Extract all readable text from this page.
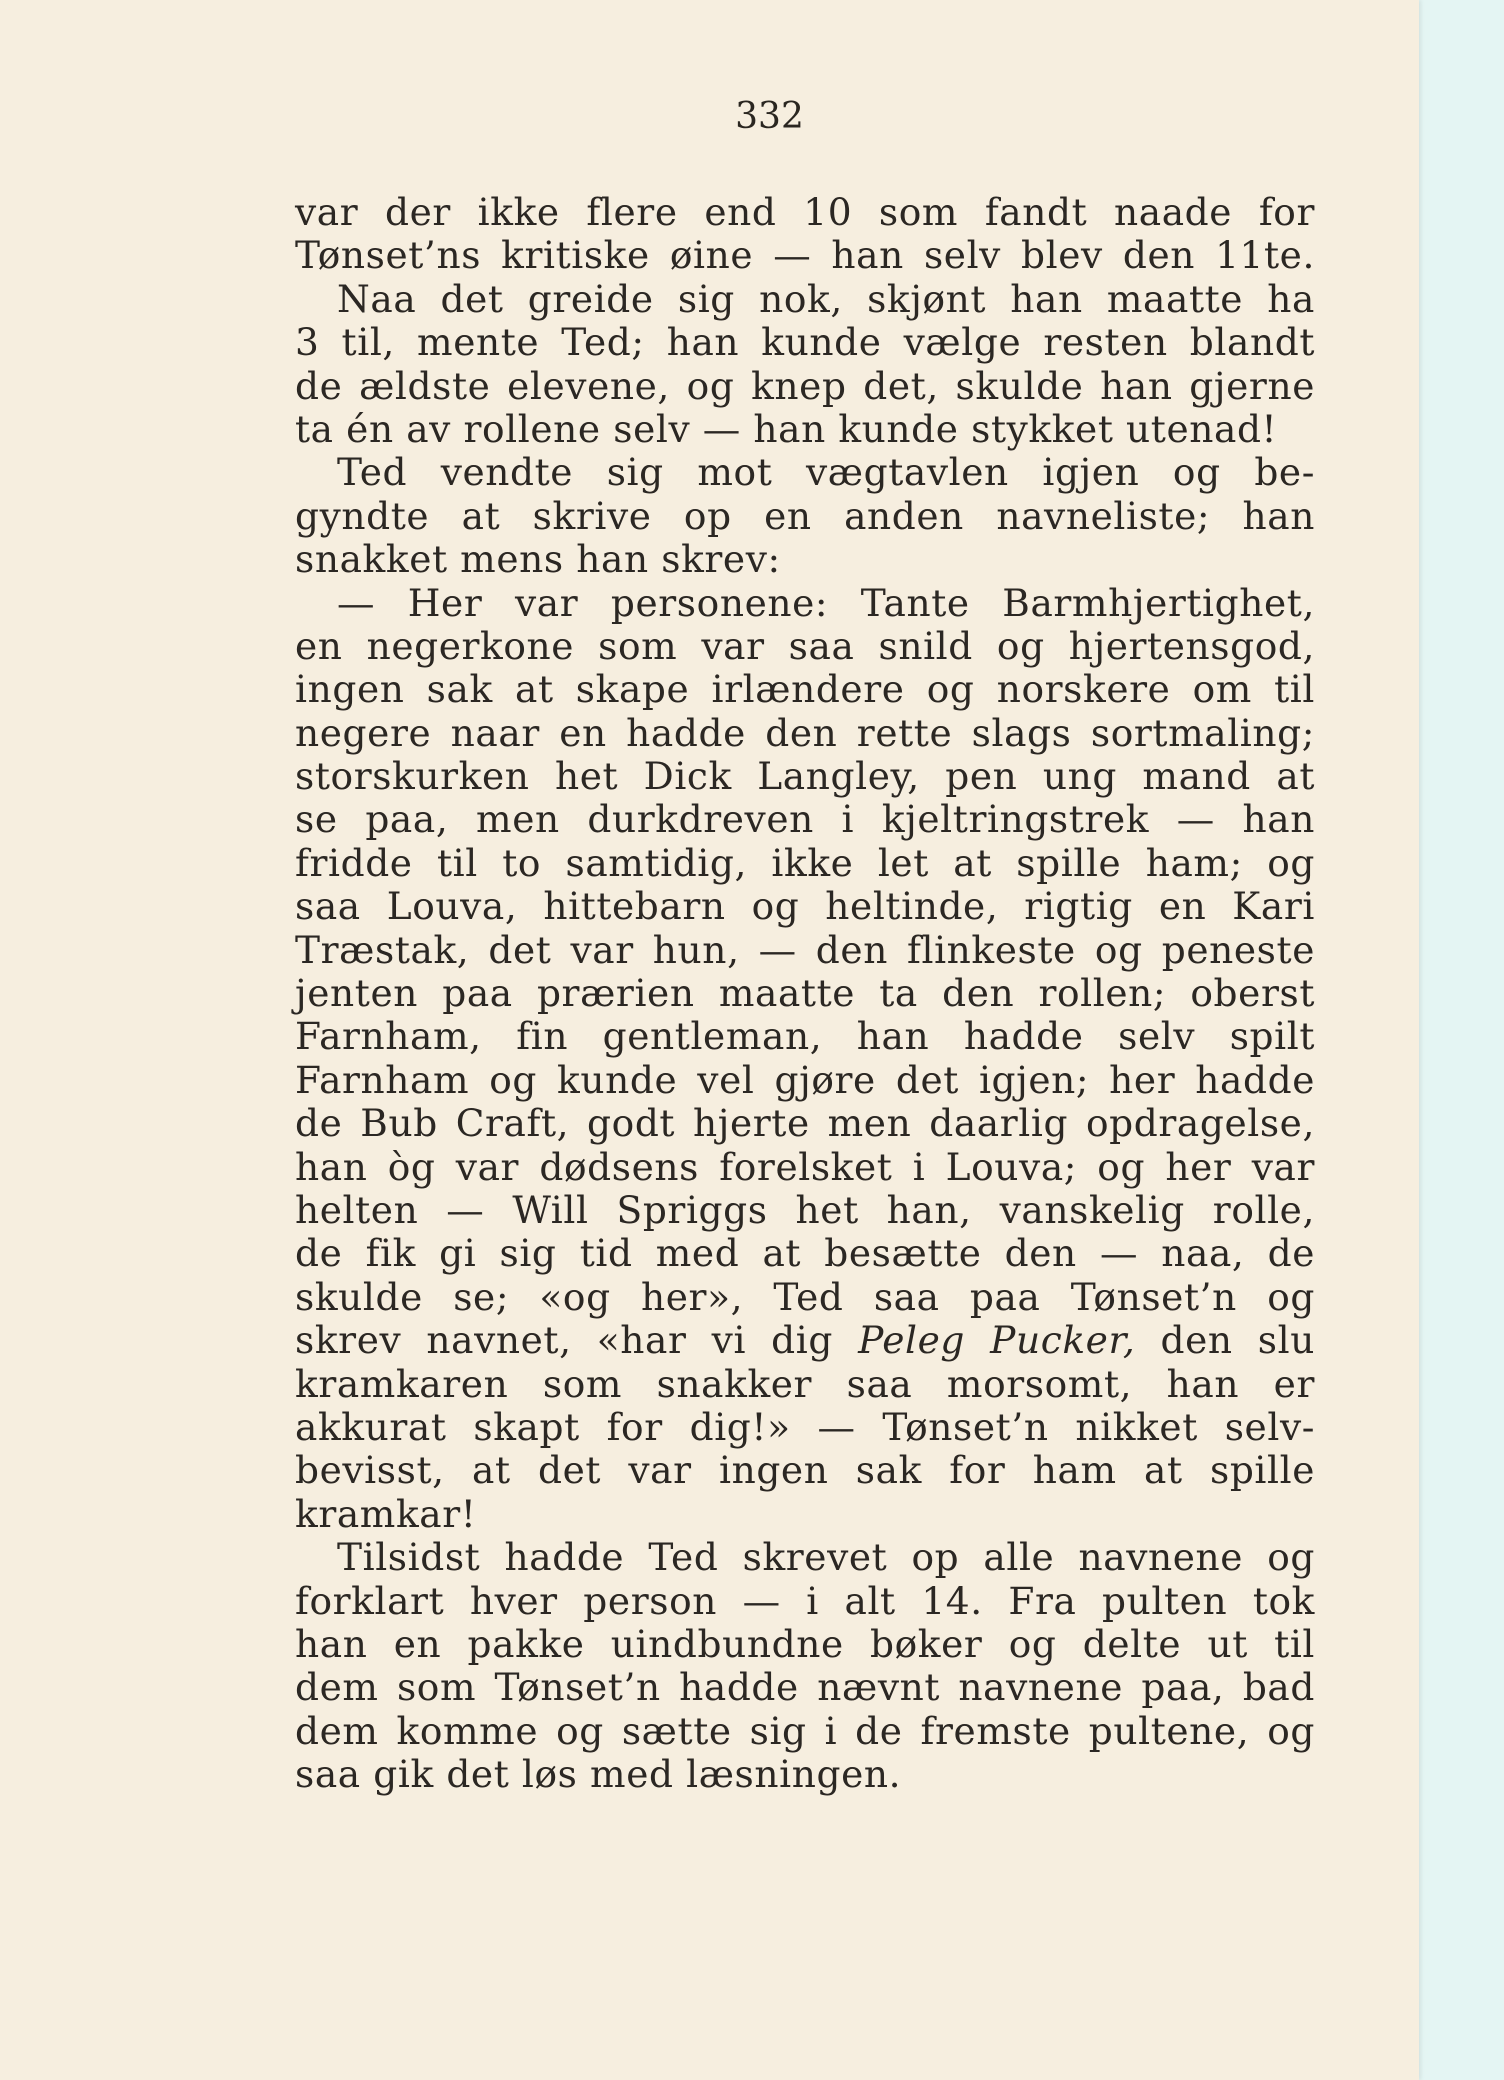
332
var der ikke flere end 10 som fandt naade for
Tønset’ns kritiske øine — han selv blev den 11te.
Naa det greide sig nok, skjønt han maatte ha
3 til, mente Ted; han kunde vælge resten blandt
de ældste elevene, og knep det, skulde han gjerne
ta én av rollene selv — han kunde stykket utenad!
Ted vendte sig mot vægtavlen igjen og be-
gyndte at skrive op en anden navneliste; han
snakket mens han skrev:
— Her var personene: Tante Barmhjertighet,
en negerkone som var saa snild og hjertensgod,
ingen sak at skape irlændere og norskere om til
negere naar en hadde den rette slags sortmaling;
storskurken het Dick Langley, pen ung mand at
se paa, men durkdreven i kjeltringstrek — han
fridde til to samtidig, ikke let at spille ham; og
saa Louva, hittebarn og heltinde, rigtig en Kari
Træstak, det var hun, — den flinkeste og peneste
jenten paa prærien maatte ta den rollen; oberst
Farnham, fin gentleman, han hadde selv spilt
Farnham og kunde vel gjøre det igjen; her hadde
de Bub Craft, godt hjerte men daarlig opdragelse,
han òg var dødsens forelsket i Louva; og her var
helten — Will Spriggs het han, vanskelig rolle,
de fik gi sig tid med at besætte den — naa, de
skulde se; «og her», Ted saa paa Tønset’n og
skrev navnet, «har vi dig Peleg Pucker, den slu
kramkaren som snakker saa morsomt, han er
akkurat skapt for dig!» — Tønset’n nikket selv-
bevisst, at det var ingen sak for ham at spille
kramkar!
Tilsidst hadde Ted skrevet op alle navnene og
forklart hver person — i alt 14. Fra pulten tok
han en pakke uindbundne bøker og delte ut til
dem som Tønset’n hadde nævnt navnene paa, bad
dem komme og sætte sig i de fremste pultene, og
saa gik det løs med læsningen.
